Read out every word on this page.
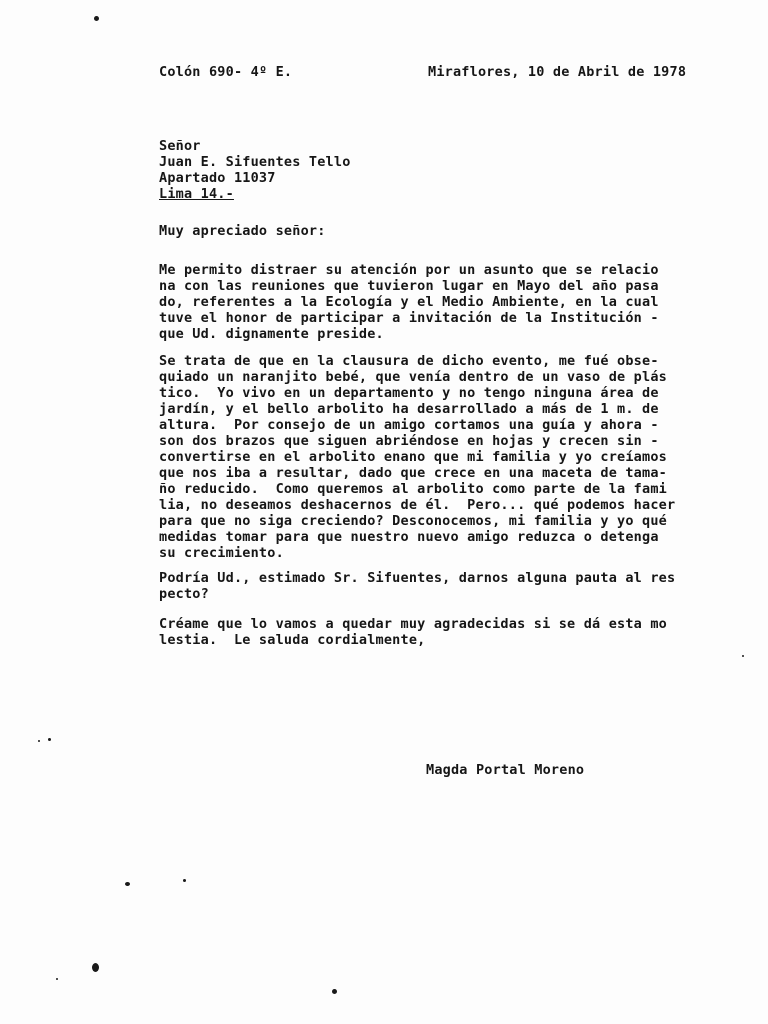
Colón 690- 4º E.	Miraflores, 10 de Abril de 1978
Señor
Juan E. Sifuentes Tello
Apartado 11037
Lima 14.-
Muy apreciado señor:
Me permito distraer su atención por un asunto que se relacio
na con las reuniones que tuvieron lugar en Mayo del año pasa
do, referentes a la Ecología y el Medio Ambiente, en la cual
tuve el honor de participar a invitación de la Institución -
que Ud. dignamente preside.
Se trata de que en la clausura de dicho evento, me fué obse-
quiado un naranjito bebé, que venía dentro de un vaso de plás
tico.  Yo vivo en un departamento y no tengo ninguna área de
jardín, y el bello arbolito ha desarrollado a más de 1 m. de
altura.  Por consejo de un amigo cortamos una guía y ahora -
son dos brazos que siguen abriéndose en hojas y crecen sin -
convertirse en el arbolito enano que mi familia y yo creíamos
que nos iba a resultar, dado que crece en una maceta de tama-
ño reducido.  Como queremos al arbolito como parte de la fami
lia, no deseamos deshacernos de él.  Pero... qué podemos hacer
para que no siga creciendo? Desconocemos, mi familia y yo qué
medidas tomar para que nuestro nuevo amigo reduzca o detenga
su crecimiento.
Podría Ud., estimado Sr. Sifuentes, darnos alguna pauta al res
pecto?
Créame que lo vamos a quedar muy agradecidas si se dá esta mo
lestia.  Le saluda cordialmente,
Magda Portal Moreno
